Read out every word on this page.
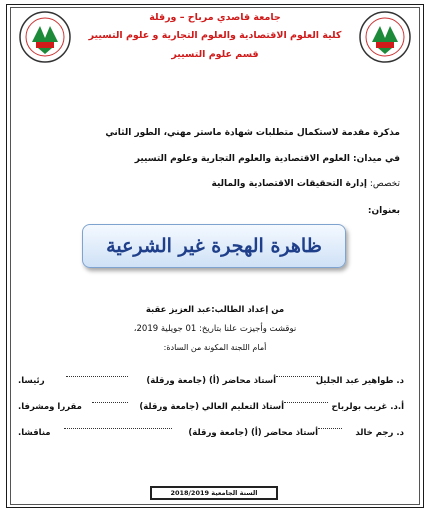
جامعة قاصدي مرباح – ورقلة
كلية العلوم الاقتصادية والعلوم التجارية و علوم التسيير
قسم علوم التسيير
مذكرة مقدمة لاستكمال متطلبات شهادة ماستر مهني، الطور الثاني
في ميدان: العلوم الاقتصادية والعلوم التجارية وعلوم التسيير
تخصص: إدارة التحقيقات الاقتصادية والمالية
بعنوان:
ظاهرة الهجرة غير الشرعية
من إعداد الطالب:عبد العزيز عقبة
نوقشت وأجيزت علنا بتاريخ: 01 جويلية 2019،
أمام اللجنة المكونة من السادة:
د. طواهير عبد الجليل
أستاذ محاضر (أ) (جامعة ورقلة)
رئيسا.
أ.د. غريب بولرباح
أستاذ التعليم العالي (جامعة ورقلة)
مقررا ومشرفا.
د. رجم خالد
أستاذ محاضر (أ) (جامعة ورقلة)
مناقشا.
السنة الجامعية 2018/2019
